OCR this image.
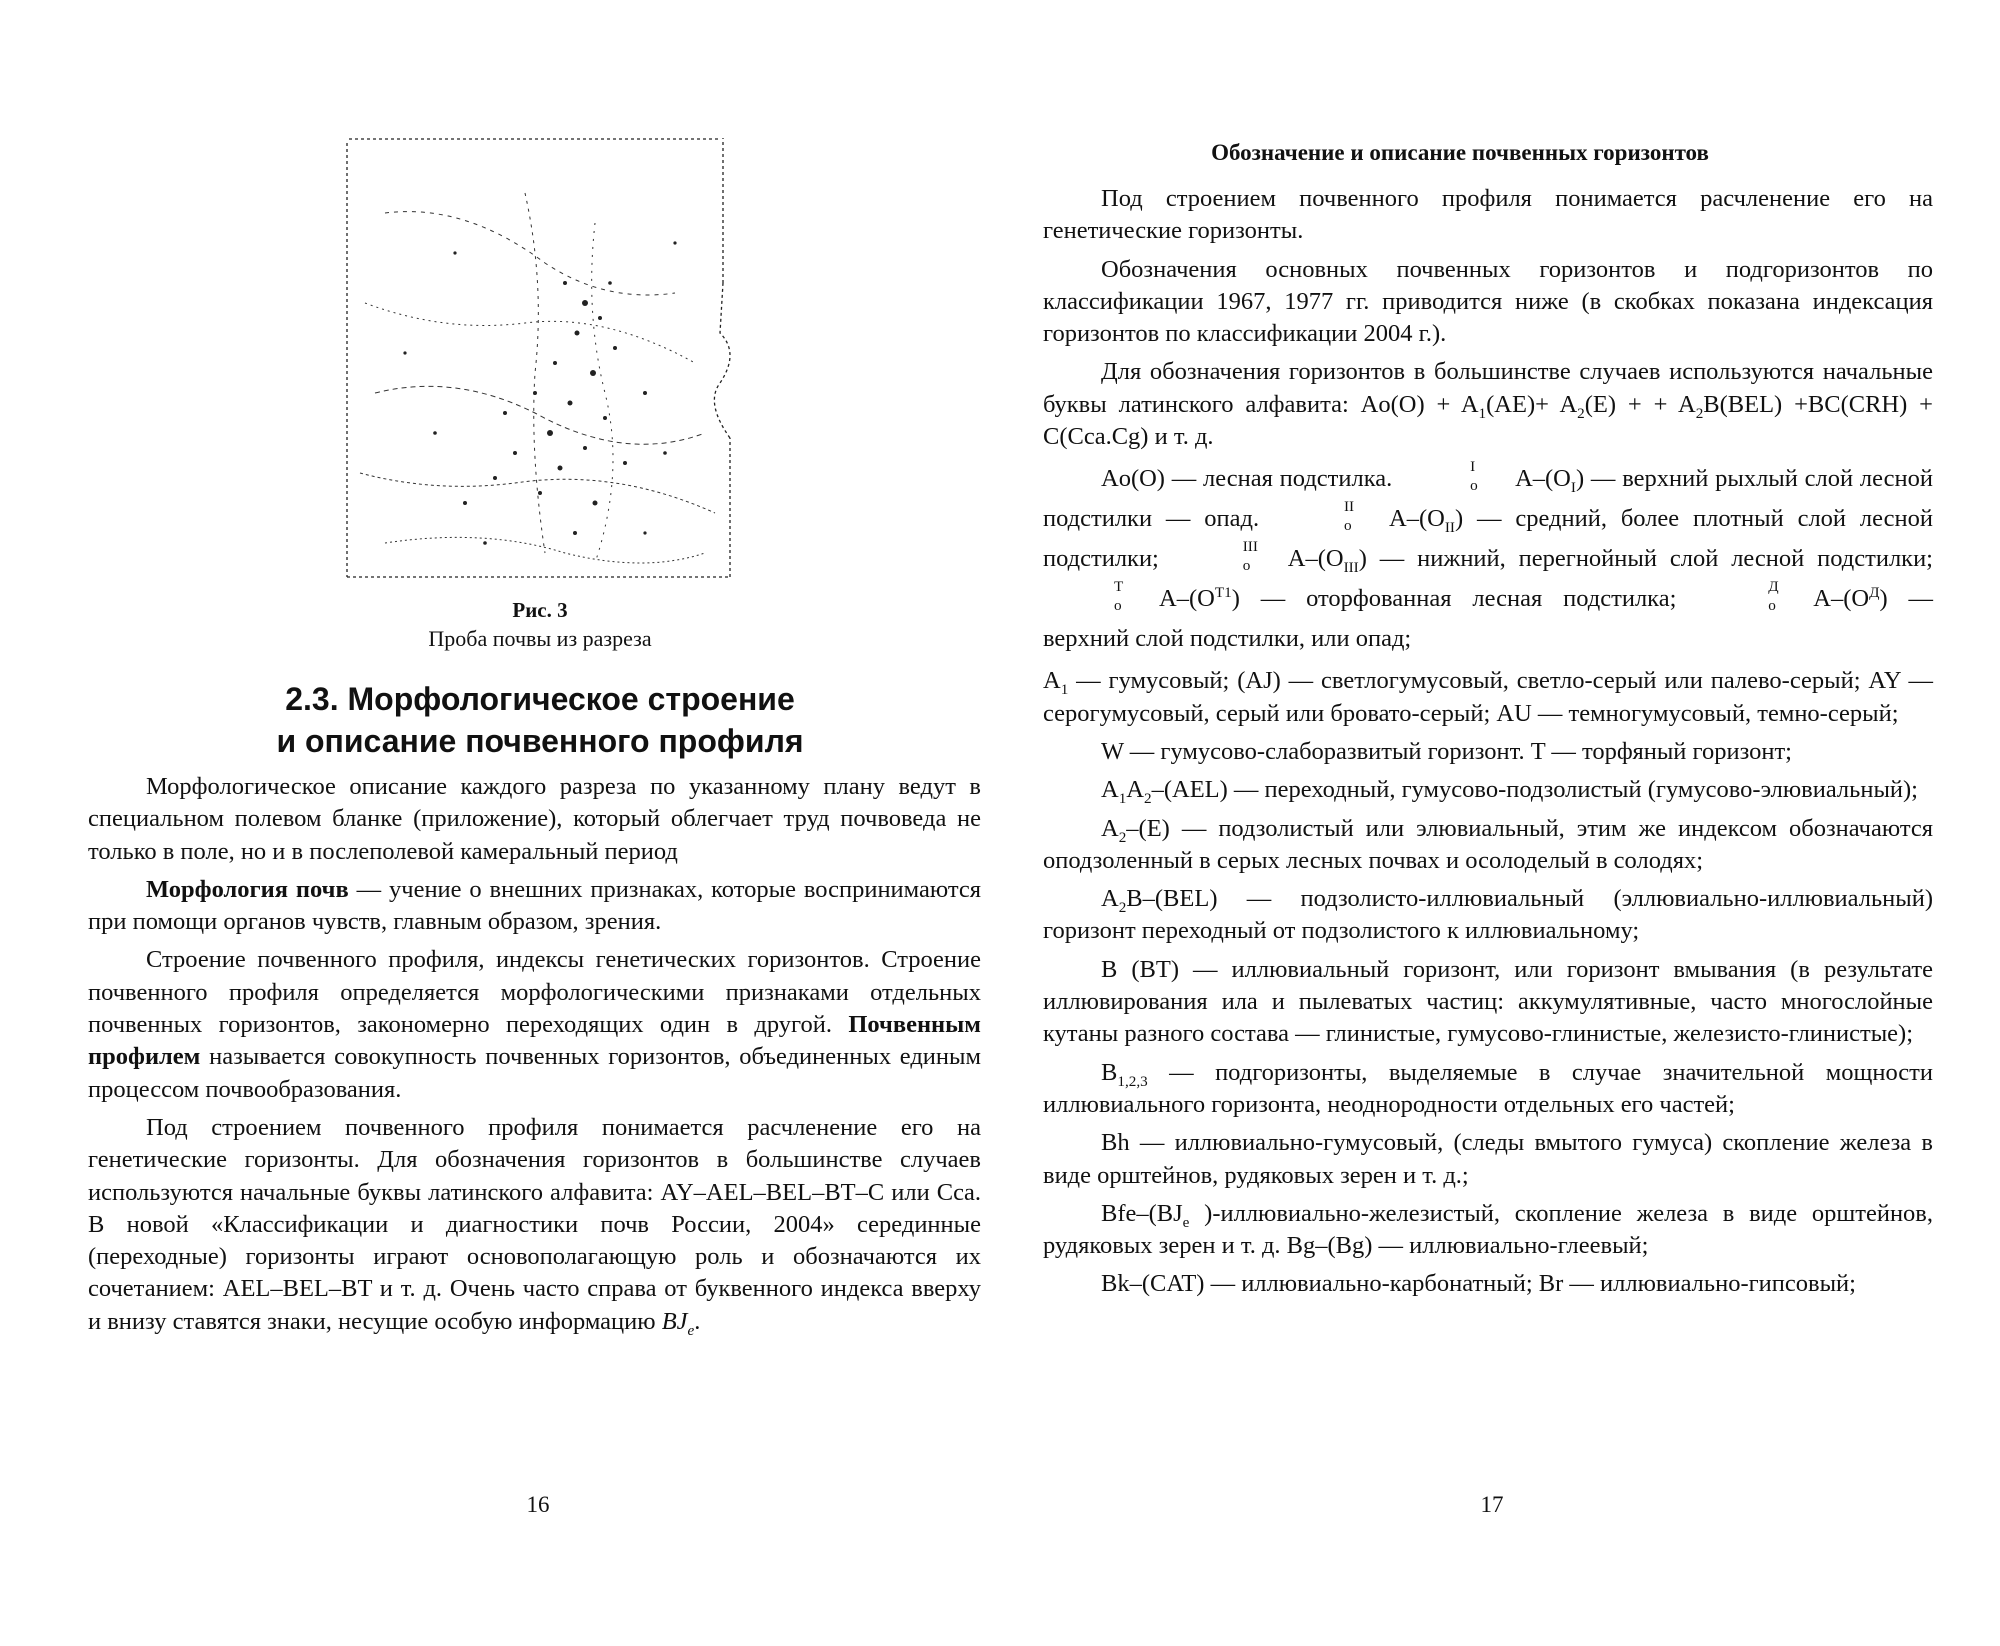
Рис. 3
Проба почвы из разреза
2.3. Морфологическое строение
и описание почвенного профиля

Морфологическое описание каждого разреза по указанному плану ведут в специальном полевом бланке (приложение), который облегчает труд почвоведа не только в поле, но и в послеполевой камеральный период

Морфология почв — учение о внешних признаках, которые воспринимаются при помощи органов чувств, главным образом, зрения.

Строение почвенного профиля, индексы генетических горизонтов. Строение почвенного профиля определяется морфологическими признаками отдельных почвенных горизонтов, закономерно переходящих один в другой. Почвенным профилем называется совокупность почвенных горизонтов, объединенных единым процессом почвообразования.

Под строением почвенного профиля понимается расчленение его на генетические горизонты. Для обозначения горизонтов в большинстве случаев используются начальные буквы латинского алфавита: AY–AEL–BEL–BT–C или Cca. В новой «Классификации и диагностики почв России, 2004» серединные (переходные) горизонты играют основополагающую роль и обозначаются их сочетанием: AEL–BEL–BT и т. д. Очень часто справа от буквенного индекса вверху и внизу ставятся знаки, несущие особую информацию $BJ_e$.

16
Обозначение и описание почвенных горизонтов

Под строением почвенного профиля понимается расчленение его на генетические горизонты.

Обозначения основных почвенных горизонтов и подгоризонтов по классификации 1967, 1977 гг. приводится ниже (в скобках показана индексация горизонтов по классификации 2004 г.).

Для обозначения горизонтов в большинстве случаев используются начальные буквы латинского алфавита: $Ao(O) + A_1(AE)+ A_2(E)$ + + $A_2B(BEL) +BC(CRH) + C(Cca.Cg)$ и т. д.

Ao(O) — лесная подстилка.	A
I
o $-(O_I)$ — верхний рыхлый слой лесной подстилки — опад.	A
II
o $-(O_{II})$ — средний, более плотный слой лесной подстилки;	A
III
o $-(O_{III})$ — нижний, перегнойный слой лесной подстилки; A
T
o $-(O^{T1})$ — оторфованная лесная подстилка;	A
Д
o $-(O^Д)$ — верхний слой подстилки, или опад;

$A_1$ — гумусовый; (AJ) — светлогумусовый, светло-серый или палево-серый; AY — серогумусовый, серый или бровато-серый; AU — темногумусовый, темно-серый;

W — гумусово-слаборазвитый горизонт. T — торфяный горизонт;

$A_1A_2-(AEL)$ — переходный, гумусово-подзолистый (гумусово-элювиальный);

$A_2-(E)$ — подзолистый или элювиальный, этим же индексом обозначаются оподзоленный в серых лесных почвах и осолоделый в солодях;

$A_2B-(BEL)$ — подзолисто-иллювиальный (эллювиально-иллювиальный) горизонт переходный от подзолистого к иллювиальному;

B (BT) — иллювиальный горизонт, или горизонт вмывания (в результате иллювирования ила и пылеватых частиц: аккумулятивные, часто многослойные кутаны разного состава — глинистые, гумусово-глинистые, железисто-глинистые);

$B_{1,2,3}$ — подгоризонты, выделяемые в случае значительной мощности иллювиального горизонта, неоднородности отдельных его частей;

Bh — иллювиально-гумусовый, (следы вмытого гумуса) скопление железа в виде орштейнов, рудяковых зерен и т. д.;

Bfe–($BJ_e$ )-иллювиально-железистый, скопление железа в виде орштейнов, рудяковых зерен и т. д. Bg–(Bg) — иллювиально-глеевый;

Bk–(CAT) — иллювиально-карбонатный; Br — иллювиально-гипсовый;

17
